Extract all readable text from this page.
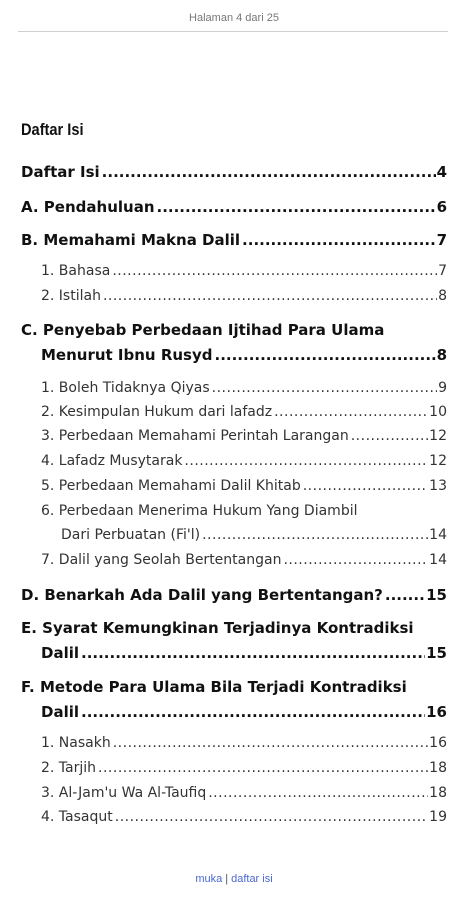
Halaman 4 dari 25
Daftar Isi
Daftar Isi .....	4
A. Pendahuluan .....	6
B. Memahami Makna Dalil .....	7
1. Bahasa .....	7
2. Istilah .....	8
C. Penyebab Perbedaan Ijtihad Para Ulama
Menurut Ibnu Rusyd .....	8
1. Boleh Tidaknya Qiyas .....	9
2. Kesimpulan Hukum dari lafadz .....	10
3. Perbedaan Memahami Perintah Larangan .....	12
4. Lafadz Musytarak .....	12
5. Perbedaan Memahami Dalil Khitab .....	13
6. Perbedaan Menerima Hukum Yang Diambil
Dari Perbuatan (Fi'l) .....	14
7. Dalil yang Seolah Bertentangan .....	14
D. Benarkah Ada Dalil yang Bertentangan? .....	15
E. Syarat Kemungkinan Terjadinya Kontradiksi
Dalil .....	15
F. Metode Para Ulama Bila Terjadi Kontradiksi
Dalil .....	16
1. Nasakh .....	16
2. Tarjih .....	18
3. Al-Jam'u Wa Al-Taufiq .....	18
4. Tasaqut .....	19
muka | daftar isi
